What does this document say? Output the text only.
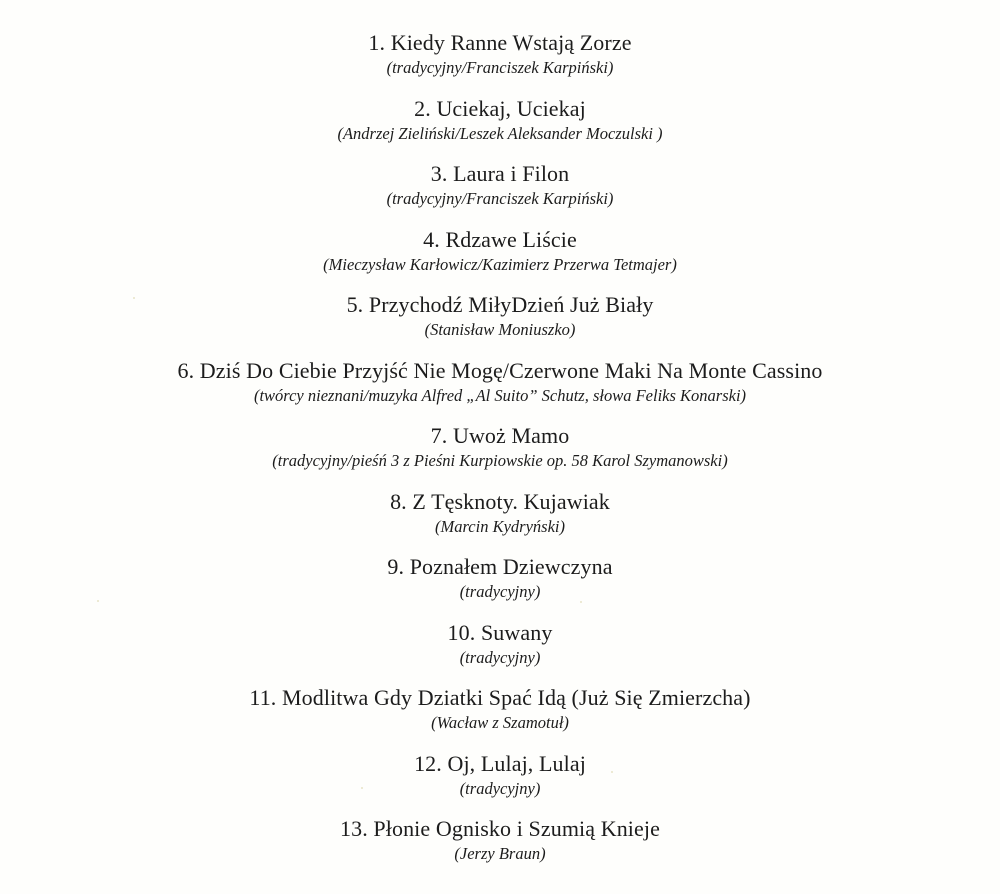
1. Kiedy Ranne Wstają Zorze
(tradycyjny/Franciszek Karpiński)
2. Uciekaj, Uciekaj
(Andrzej Zieliński/Leszek Aleksander Moczulski )
3. Laura i Filon
(tradycyjny/Franciszek Karpiński)
4. Rdzawe Liście
(Mieczysław Karłowicz/Kazimierz Przerwa Tetmajer)
5. Przychodź MiłyDzień Już Biały
(Stanisław Moniuszko)
6. Dziś Do Ciebie Przyjść Nie Mogę/Czerwone Maki Na Monte Cassino
(twórcy nieznani/muzyka Alfred „Al Suito” Schutz, słowa Feliks Konarski)
7. Uwoż Mamo
(tradycyjny/pieśń 3 z Pieśni Kurpiowskie op. 58 Karol Szymanowski)
8. Z Tęsknoty. Kujawiak
(Marcin Kydryński)
9. Poznałem Dziewczyna
(tradycyjny)
10. Suwany
(tradycyjny)
11. Modlitwa Gdy Dziatki Spać Idą (Już Się Zmierzcha)
(Wacław z Szamotuł)
12. Oj, Lulaj, Lulaj
(tradycyjny)
13. Płonie Ognisko i Szumią Knieje
(Jerzy Braun)
